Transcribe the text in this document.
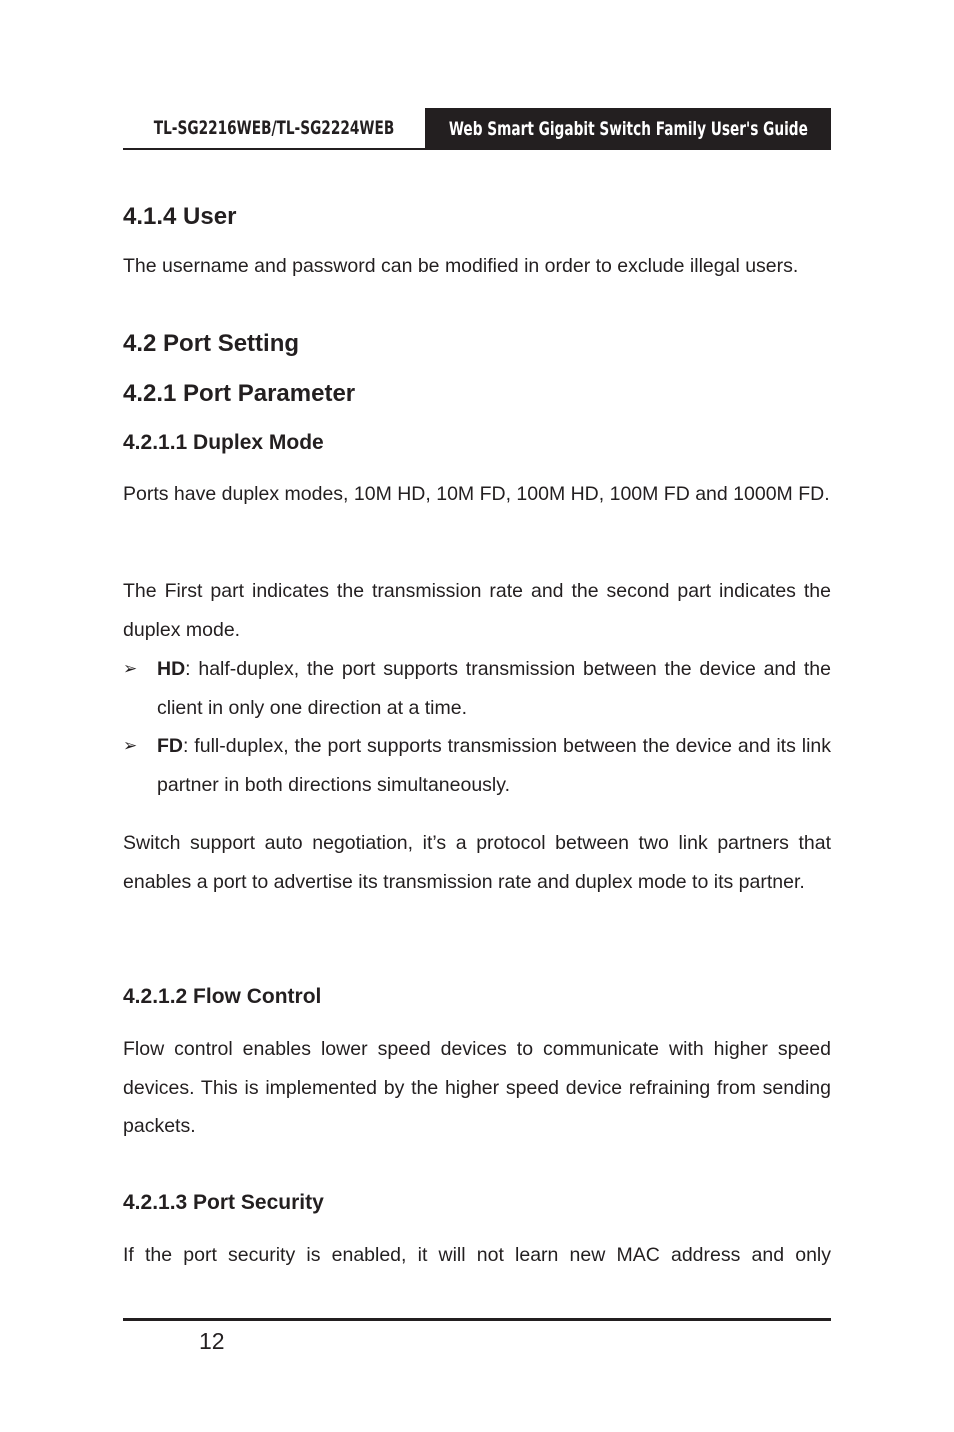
TL-SG2216WEB/TL-SG2224WEB	Web Smart Gigabit Switch Family User's Guide
4.1.4 User

The username and password can be modified in order to exclude illegal users.

4.2 Port Setting
4.2.1 Port Parameter
4.2.1.1 Duplex Mode

Ports have duplex modes, 10M HD, 10M FD, 100M HD, 100M FD and 1000M FD.

The First part indicates the transmission rate and the second part indicates the duplex mode.

➢	HD: half-duplex, the port supports transmission between the device and the client in only one direction at a time.
➢	FD: full-duplex, the port supports transmission between the device and its link partner in both directions simultaneously.

Switch support auto negotiation, it’s a protocol between two link partners that enables a port to advertise its transmission rate and duplex mode to its partner.

4.2.1.2 Flow Control

Flow control enables lower speed devices to communicate with higher speed devices. This is implemented by the higher speed device refraining from sending packets.

4.2.1.3 Port Security

If the port security is enabled, it will not learn new MAC address and only

12
